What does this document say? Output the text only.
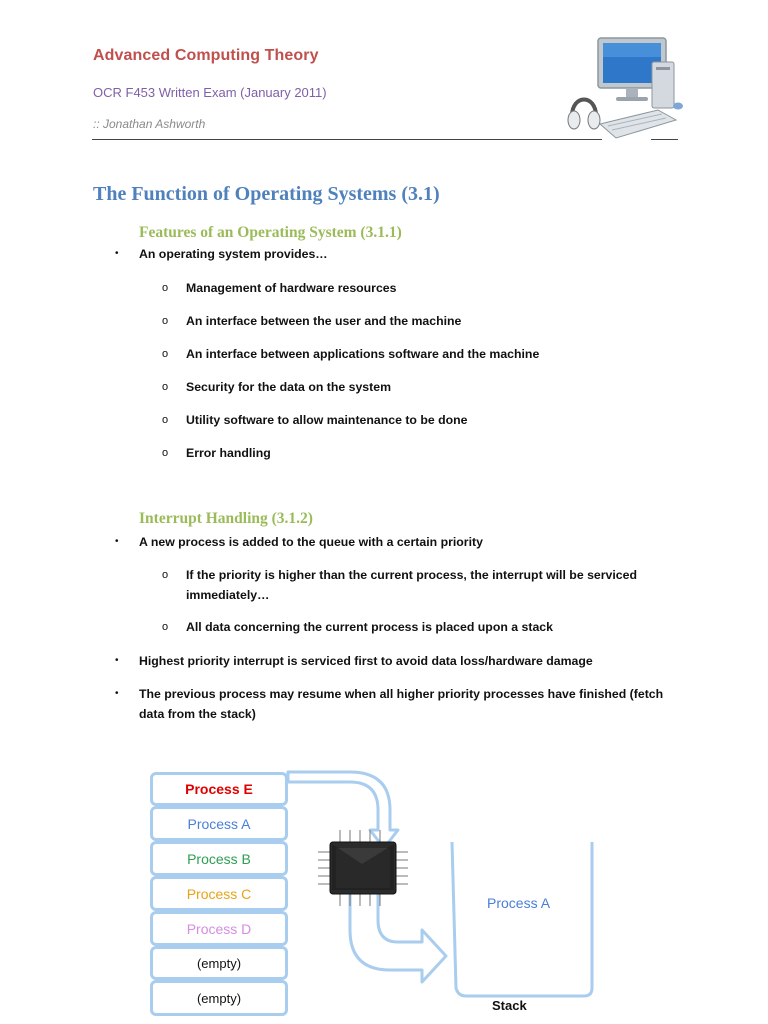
Advanced Computing Theory
OCR F453 Written Exam (January 2011)
:: Jonathan Ashworth
The Function of Operating Systems (3.1)
Features of an Operating System (3.1.1)
• An operating system provides…
o Management of hardware resources
o An interface between the user and the machine
o An interface between applications software and the machine
o Security for the data on the system
o Utility software to allow maintenance to be done
o Error handling
Interrupt Handling (3.1.2)
• A new process is added to the queue with a certain priority
o If the priority is higher than the current process, the interrupt will be serviced
immediately…
o All data concerning the current process is placed upon a stack
• Highest priority interrupt is serviced first to avoid data loss/hardware damage
• The previous process may resume when all higher priority processes have finished (fetch
data from the stack)
Process E
Process A
Process B
Process C
Process D
(empty)
(empty)
Process A
Stack
